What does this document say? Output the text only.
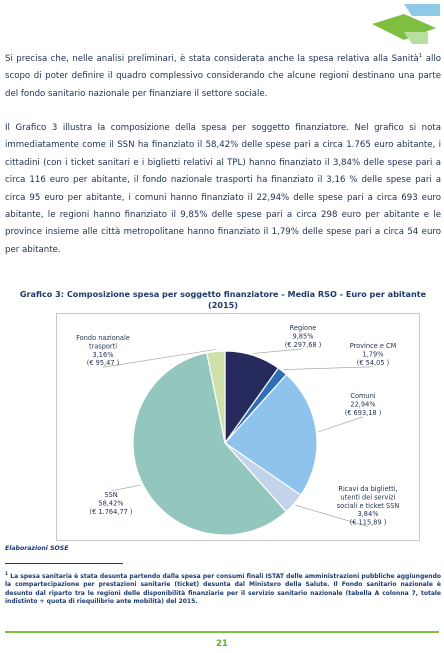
Si precisa che, nelle analisi preliminari, è stata considerata anche la spesa relativa alla Sanità$^1$ allo scopo di poter definire il quadro complessivo considerando che alcune regioni destinano una parte del fondo sanitario nazionale per finanziare il settore sociale.

Il Grafico 3 illustra la composizione della spesa per soggetto finanziatore. Nel grafico si nota immediatamente come il SSN ha finanziato il 58,42% delle spese pari a circa 1.765 euro abitante, i cittadini (con i ticket sanitari e i biglietti relativi al TPL) hanno finanziato il 3,84% delle spese pari a circa 116 euro per abitante, il fondo nazionale trasporti ha finanziato il 3,16 % delle spese pari a circa 95 euro per abitante, i comuni hanno finanziato il 22,94% delle spese pari a circa 693 euro abitante, le regioni hanno finanziato il 9,85% delle spese pari a circa 298 euro per abitante e le province insieme alle città metropolitane hanno finanziato il 1,79% delle spese pari a circa 54 euro per abitante.

Grafico 3: Composizione spesa per soggetto finanziatore - Media RSO - Euro per abitante (2015)
Regione 9,85% (€ 297,68 )	Province e CM 1,79% (€ 54,05 )
Comuni 22,94% (€ 693,18 )
Ricavi da biglietti, utenti dei servizi sociali e ticket SSN 3,84% (€ 115,89 )
SSN 58,42% (€ 1.764,77 )
Fondo nazionale trasporti 3,16% (€ 95,47 )
Elaborazioni SOSE

$^1$ La spesa sanitaria è stata desunta partendo dalla spesa per consumi finali ISTAT delle amministrazioni pubbliche aggiungendo la compartecipazione per prestazioni sanitarie (ticket) desunta dal Ministero della Salute. Il Fondo sanitario nazionale è desunto dal riparto tra le regioni delle disponibilità finanziarie per il servizio sanitario nazionale (tabella A colonna 7, totale indistinto + quota di riequilibrio ante mobilità) del 2015.

21
